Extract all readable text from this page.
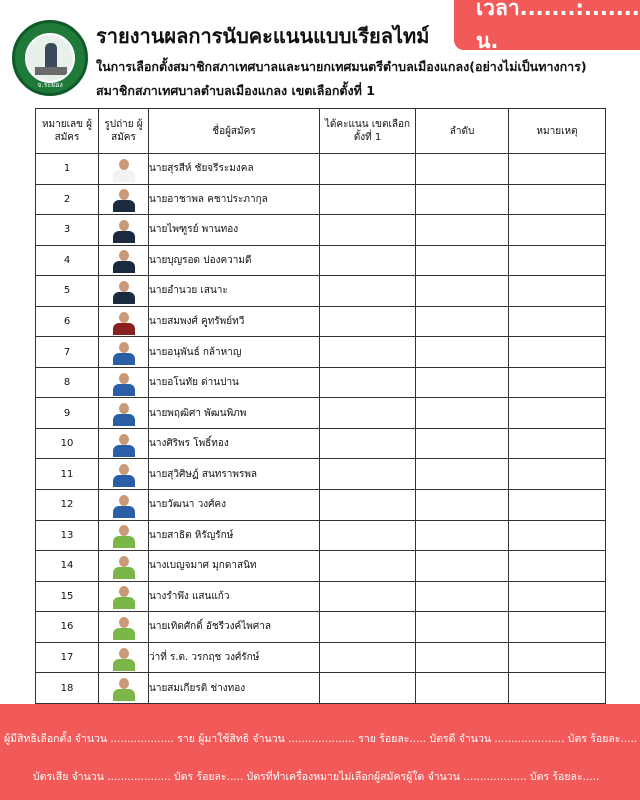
จ.ระยอง
รายงานผลการนับคะแนนแบบเรียลไทม์
ในการเลือกตั้งสมาชิกสภาเทศบาลและนายกเทศมนตรีตำบลเมืองแกลง(อย่างไม่เป็นทางการ)
สมาชิกสภาเทศบาลตำบลเมืองแกลง เขตเลือกตั้งที่ 1
เวลา.......:....... น.
หมายเลข ผู้สมัคร	รูปถ่าย ผู้สมัคร	ชื่อผู้สมัคร	ได้คะแนน เขตเลือกตั้งที่ 1	ลำดับ	หมายเหตุ
1		นายสุรสีห์ ชัยจรีระมงคล			
2		นายอาชาพล คชาประภากุล			
3		นายไพฑูรย์ พานทอง			
4		นายบุญรอด ปองความดี			
5		นายอำนวย เสนาะ			
6		นายสมพงศ์ คูทรัพย์ทวี			
7		นายอนุพันธ์ กล้าหาญ			
8		นายอโนทัย ด่านปาน			
9		นายพฤฒิศา พัฒนพิภพ			
10		นางศิริพร โพธิ์ทอง			
11		นายสุวิศิษฏ์ สนทราพรพล			
12		นายวัฒนา วงศ์คง			
13		นายสาธิต หิรัญรักษ์			
14		นางเบญจมาศ มุกดาสนิท			
15		นางรำพึง แสนแก้ว			
16		นายเทิดศักดิ์ อัชรีวงค์ไพศาล			
17		ว่าที่ ร.ต. วรกฤช วงศ์รักษ์			
18		นายสมเกียรติ ช่างทอง			
ผู้มีสิทธิเลือกตั้ง จำนวน ................... ราย ผู้มาใช้สิทธิ จำนวน .................... ราย ร้อยละ..... บัตรดี จำนวน ..................... บัตร ร้อยละ.....
บัตรเสีย จำนวน ................... บัตร ร้อยละ..... บัตรที่ทำเครื่องหมายไม่เลือกผู้สมัครผู้ใด จำนวน ................... บัตร ร้อยละ.....
